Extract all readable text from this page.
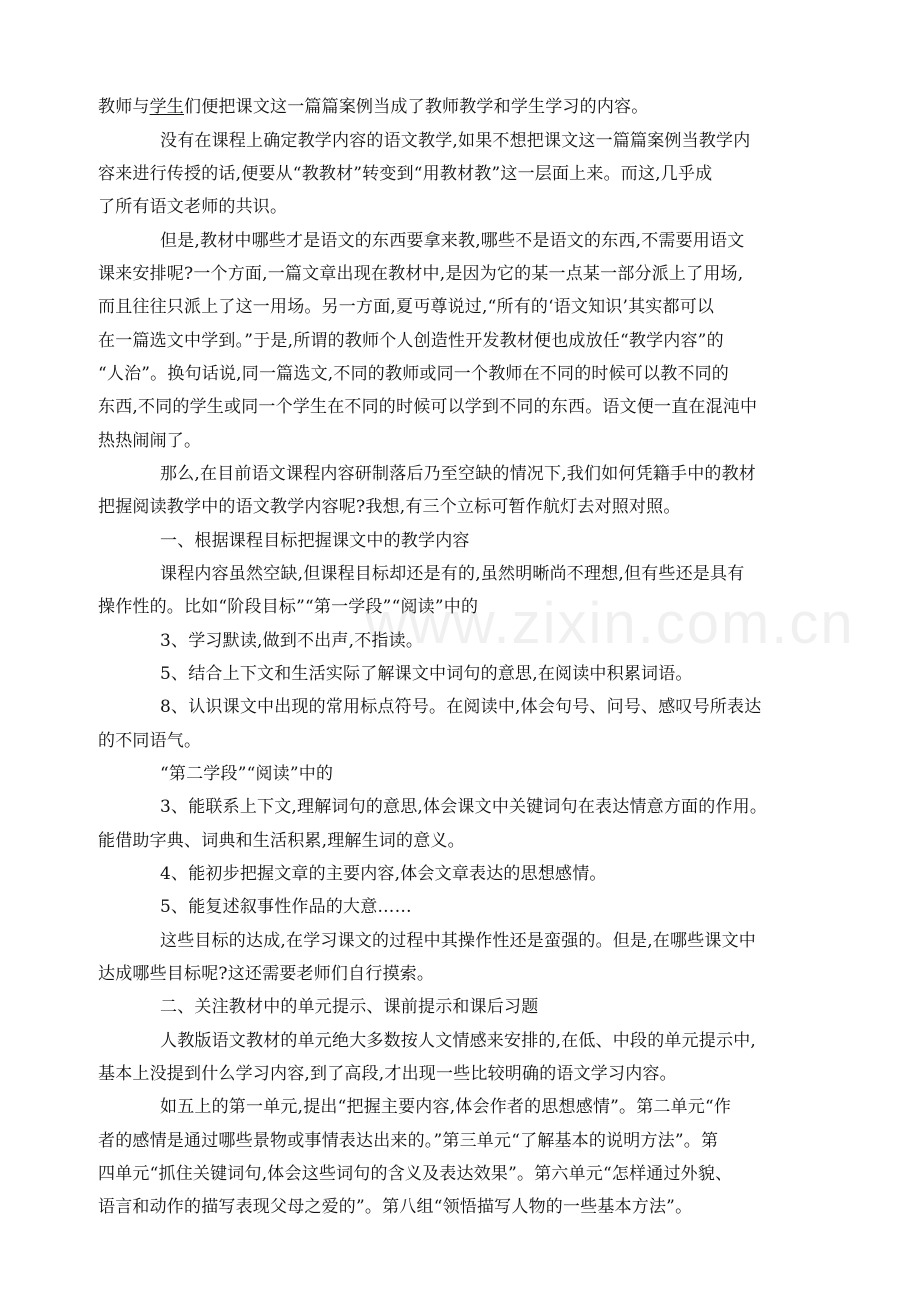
www.zixin.com.cn
教师与学生们便把课文这一篇篇案例当成了教师教学和学生学习的内容。
没有在课程上确定教学内容的语文教学,如果不想把课文这一篇篇案例当教学内
容来进行传授的话,便要从“教教材”转变到“用教材教”这一层面上来。而这,几乎成
了所有语文老师的共识。
但是,教材中哪些才是语文的东西要拿来教,哪些不是语文的东西,不需要用语文
课来安排呢?一个方面,一篇文章出现在教材中,是因为它的某一点某一部分派上了用场,
而且往往只派上了这一用场。另一方面,夏丏尊说过,“所有的‘语文知识’其实都可以
在一篇选文中学到。”于是,所谓的教师个人创造性开发教材便也成放任“教学内容”的
“人治”。换句话说,同一篇选文,不同的教师或同一个教师在不同的时候可以教不同的
东西,不同的学生或同一个学生在不同的时候可以学到不同的东西。语文便一直在混沌中
热热闹闹了。
那么,在目前语文课程内容研制落后乃至空缺的情况下,我们如何凭籍手中的教材
把握阅读教学中的语文教学内容呢?我想,有三个立标可暂作航灯去对照对照。
一、根据课程目标把握课文中的教学内容
课程内容虽然空缺,但课程目标却还是有的,虽然明晰尚不理想,但有些还是具有
操作性的。比如“阶段目标”“第一学段”“阅读”中的
3、学习默读,做到不出声,不指读。
5、结合上下文和生活实际了解课文中词句的意思,在阅读中积累词语。
8、认识课文中出现的常用标点符号。在阅读中,体会句号、问号、感叹号所表达
的不同语气。
“第二学段”“阅读”中的
3、能联系上下文,理解词句的意思,体会课文中关键词句在表达情意方面的作用。
能借助字典、词典和生活积累,理解生词的意义。
4、能初步把握文章的主要内容,体会文章表达的思想感情。
5、能复述叙事性作品的大意……
这些目标的达成,在学习课文的过程中其操作性还是蛮强的。但是,在哪些课文中
达成哪些目标呢?这还需要老师们自行摸索。
二、关注教材中的单元提示、课前提示和课后习题
人教版语文教材的单元绝大多数按人文情感来安排的,在低、中段的单元提示中,
基本上没提到什么学习内容,到了高段,才出现一些比较明确的语文学习内容。
如五上的第一单元,提出“把握主要内容,体会作者的思想感情”。第二单元“作
者的感情是通过哪些景物或事情表达出来的。”第三单元“了解基本的说明方法”。第
四单元“抓住关键词句,体会这些词句的含义及表达效果”。第六单元“怎样通过外貌、
语言和动作的描写表现父母之爱的”。第八组“领悟描写人物的一些基本方法”。
